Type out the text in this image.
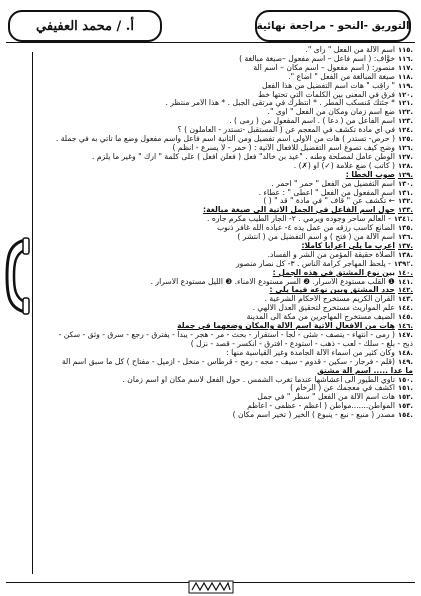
أ. / محمد العفيفي	التوريق -النحو - مراجعة نهائية
.١١٥اسم الآلة من الفعل " رأى ".
.١١٦خوَّاف: ( اسم فاعل – اسم مفعول –صيغة مبالغة )
.١١٧منصور: ( اسم مفعول – اسم مكان – اسم آلة
.١١٨صيغة المبالغة من الفعل " أضاع ".
.١١٩" راقِب " هات اسم التفضيل من هذا الفعل
.١٢٠فرق في المعنى بين الكلمات التي تحتها خط
.١٢١* جئتك مُنسكب المطر . * انتظرك في مرتقى الجبل . * هذا الأمر منتظر .
.١٢٢ضع اسم زمان ومكان من الفعل " أوى ".
.١٢٣اسم الفاعل من ( دعا ) . اسم المفعول من ( رمى ) .
.١٢٤في أي مادة تكشف في المعجم عن ( المستقبل -تستدر - العاملون ) ؟
.١٢٥( حرص- تستدر ) هات من الأولى اسم تفضيل ومن الثانية اسم فاعل واسم مفعول وضع ما تأتي به في جملة .
.١٢٦وضح كيف تصوغ اسم التفضيل للأفعال الآتية : ( حمر - لا يسرع - انظم )
.١٢٧الوطن عامل لمصلحة وطنه . "عيد بن خالد" فعل ( فعلن أفعل ) على كلمة " ارك " وغير ما يلزم .
.١٢٨( كاتب ) ضع علامة (✓) أو (✗) .
.١٢٩صوب الخطأ :
.١٣٠اسم التفضيل من الفعل " حمر " أحمر .
.١٣١اسم المفعول من الفعل " أعطى " : عطاء .
.١٣٢← تكشف عن " قاف " في مادة " قد " ( )
.١٣٣حول اسم الفاعل في الجمل الآتية الى صيغة مبالغة:
.١٣٤١- العالم ساحر وجوده ويرمي . ٢- الجار الطيب مكرم جاره .
.١٣٥الصانع كاسب رزقه من عمل يده ٤- عباده الله غافر ذنوب
.١٣٦اسم الآلة من ( فتح ) و اسم التفضيل من ( انتشر )
.١٣٧اعرب ما يلي اعرابا كاملا:
.١٣٨الصلاة حقيقة المؤمن من الشر و الفساد.
.١٣٩٢- يلحظ المهاجر كرامة الناس . ٣- كل نصار منصور
.١٤٠بين نوع المشتق في هذه الجمل :
.١٤١❶ القلب مستودع الأسرار. ❷ السر مستودع الامناء. ❸ الليل مستودع الأسرار .
.١٤٢حدد المشتق وبين نوعه فيما يلي :
.١٤٣القرآن الكريم مستخرج الأحكام الشرعية .
.١٤٤علم المواريث مستخرج لتحقيق العدل الالهي .
.١٤٥الصيف مستخرج المهاجرين من مكة الى المدينة
.١٤٦هات من الأفعال الآتية اسم الآلة والمكان وضعهما في جملة
.١٤٧( رمى - انتهاء - يتصف - شئى - لجأ - استقرار - بحث - مر - هجر - يبدأ - يفترق - رجع - سرق - وثق - سكن -
ذبح - بلغ - سلك - لعب - ذهب - استودع - افترق - انكسر - قصد - نزل )
.١٤٨وكان كثير من أسماء الآلة الجامدة وغير القياسية منها :
.١٤٩(قلم - فرجار - سكين - قدوم - سيف - مجه - رمح - قرطاس - منخل - أزميل - مفتاح ) كل ما سبق اسم آلة
ما عدا ..... اسم آلة مشتق
.١٥٠تأوي الطيور الى أعشاشها عندما تغرب الشمس . حول الفعل لاسم مكان أو اسم زمان .
.١٥١اكشف في معجمك عن ( الرخام )
.١٥٢هات اسم الآلة من الفعل " سطر " في جمل
.١٥٣المواطن.......مواطن ( أعظم - عظمى - أعاظم
.١٥٤مصدر ( منبع - نبع - ينبوع ) الخير ( تخير اسم مكان )
